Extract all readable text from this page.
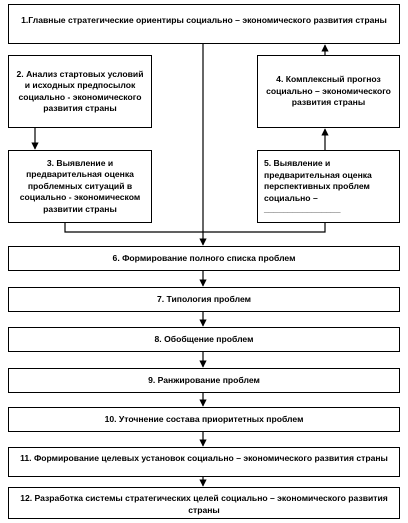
1.Главные стратегические ориентиры социально – экономического развития страны
2. Анализ стартовых условий и исходных предпосылок социально - экономического развития страны
4. Комплексный прогноз социально – экономического развития страны
3. Выявление и предварительная оценка проблемных ситуаций в социально - экономическом развитии страны
5. Выявление и предварительная оценка перспективных проблем социально – ________________
6. Формирование полного списка проблем
7. Типология проблем
8. Обобщение проблем
9. Ранжирование проблем
10. Уточнение состава приоритетных проблем
11. Формирование целевых установок социально – экономического развития страны
12. Разработка системы стратегических целей социально – экономического развития страны
